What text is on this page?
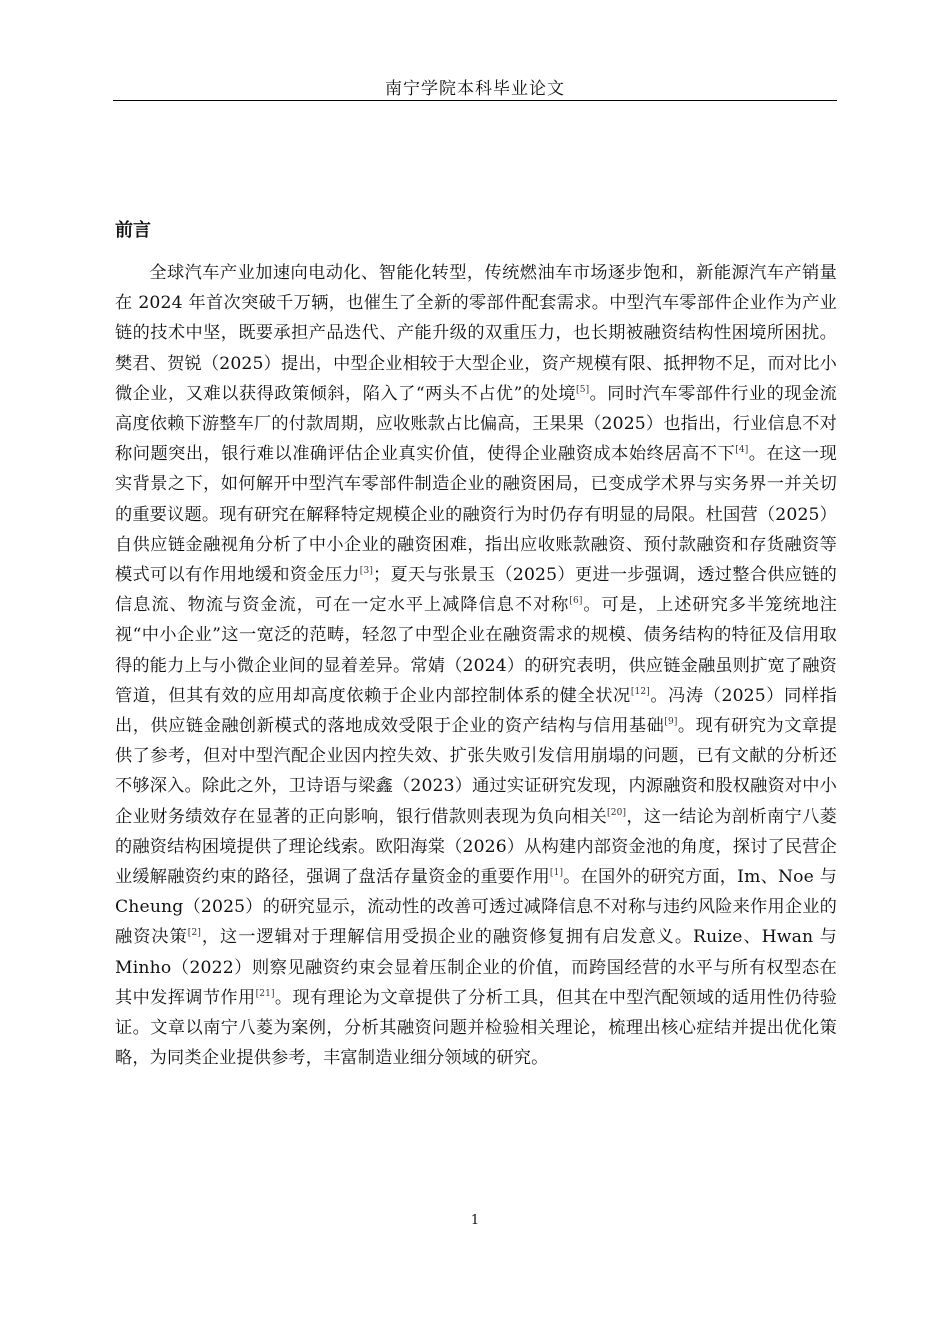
南宁学院本科毕业论文
前言

全球汽车产业加速向电动化、智能化转型，传统燃油车市场逐步饱和，新能源汽车产销量在 2024 年首次突破千万辆，也催生了全新的零部件配套需求。中型汽车零部件企业作为产业链的技术中坚，既要承担产品迭代、产能升级的双重压力，也长期被融资结构性困境所困扰。樊君、贺锐（2025）提出，中型企业相较于大型企业，资产规模有限、抵押物不足，而对比小微企业，又难以获得政策倾斜，陷入了“两头不占优”的处境[5]。同时汽车零部件行业的现金流高度依赖下游整车厂的付款周期，应收账款占比偏高，王果果（2025）也指出，行业信息不对称问题突出，银行难以准确评估企业真实价值，使得企业融资成本始终居高不下[4]。在这一现实背景之下，如何解开中型汽车零部件制造企业的融资困局，已变成学术界与实务界一并关切的重要议题。现有研究在解释特定规模企业的融资行为时仍存有明显的局限。杜国营（2025）自供应链金融视角分析了中小企业的融资困难，指出应收账款融资、预付款融资和存货融资等模式可以有作用地缓和资金压力[3]；夏天与张景玉（2025）更进一步强调，透过整合供应链的信息流、物流与资金流，可在一定水平上减降信息不对称[6]。可是，上述研究多半笼统地注视“中小企业”这一宽泛的范畴，轻忽了中型企业在融资需求的规模、债务结构的特征及信用取得的能力上与小微企业间的显着差异。常婧（2024）的研究表明，供应链金融虽则扩宽了融资管道，但其有效的应用却高度依赖于企业内部控制体系的健全状况[12]。冯涛（2025）同样指出，供应链金融创新模式的落地成效受限于企业的资产结构与信用基础[9]。现有研究为文章提供了参考，但对中型汽配企业因内控失效、扩张失败引发信用崩塌的问题，已有文献的分析还不够深入。除此之外，卫诗语与梁鑫（2023）通过实证研究发现，内源融资和股权融资对中小企业财务绩效存在显著的正向影响，银行借款则表现为负向相关[20]，这一结论为剖析南宁八菱的融资结构困境提供了理论线索。欧阳海棠（2026）从构建内部资金池的角度，探讨了民营企业缓解融资约束的路径，强调了盘活存量资金的重要作用[1]。在国外的研究方面，Im、Noe 与 Cheung（2025）的研究显示，流动性的改善可透过减降信息不对称与违约风险来作用企业的融资决策[2]，这一逻辑对于理解信用受损企业的融资修复拥有启发意义。Ruize、Hwan 与 Minho（2022）则察见融资约束会显着压制企业的价值，而跨国经营的水平与所有权型态在其中发挥调节作用[21]。现有理论为文章提供了分析工具，但其在中型汽配领域的适用性仍待验证。文章以南宁八菱为案例，分析其融资问题并检验相关理论，梳理出核心症结并提出优化策略，为同类企业提供参考，丰富制造业细分领域的研究。

1
